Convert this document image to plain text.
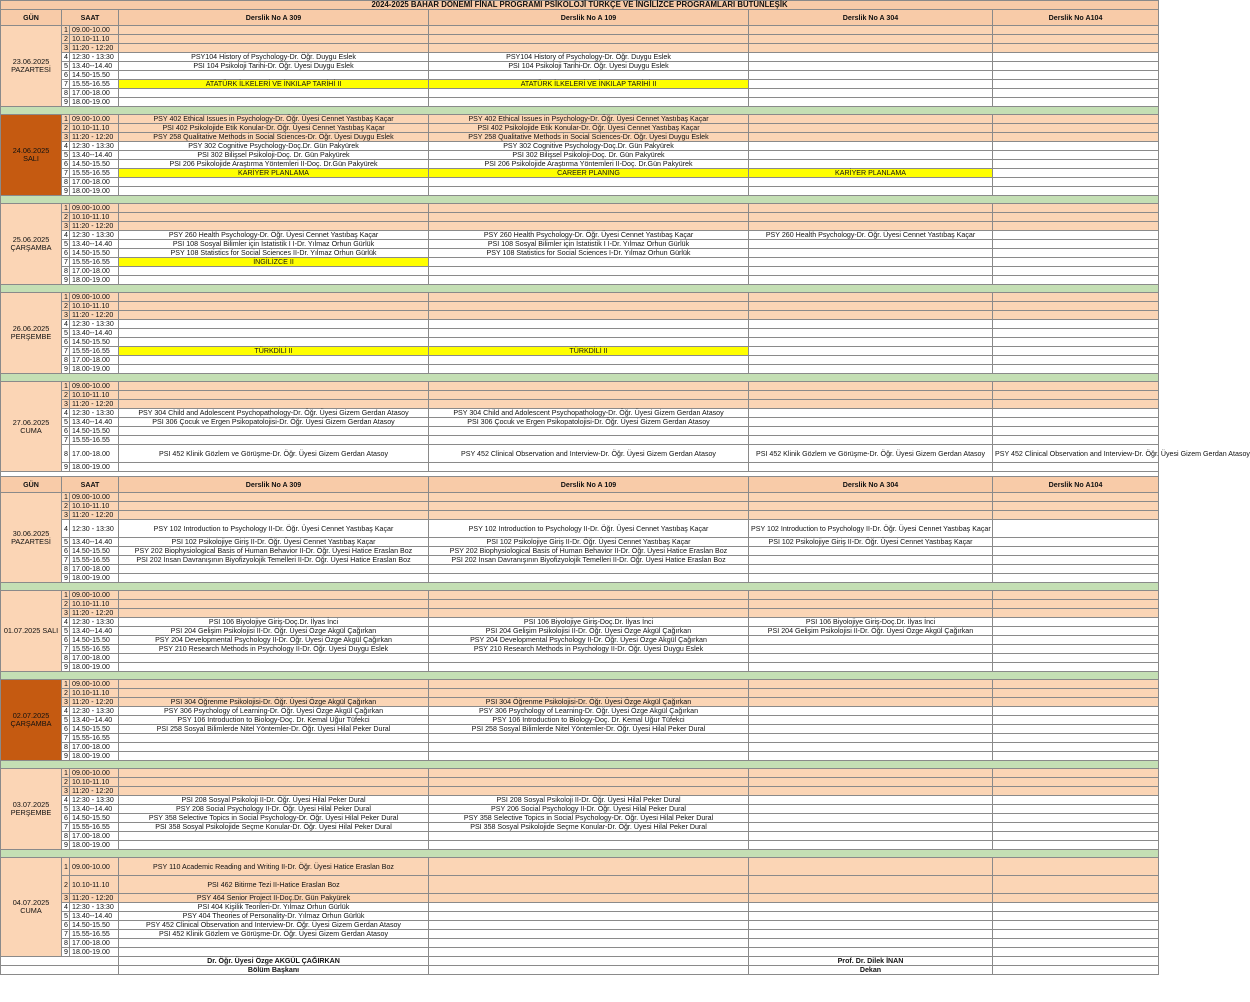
2024-2025 BAHAR DÖNEMİ FİNAL PROGRAMI PSİKOLOJİ TÜRKÇE VE İNGİLİZCE PROGRAMLARI BÜTÜNLEŞİK						
GÜN	SAAT		Derslik No A 309	Derslik No A 109	Derslik No A 304	Derslik No A104
23.06.2025
PAZARTESİ	1	09.00-10.00				
	2	10.10-11.10				
	3	11:20 - 12:20				
	4	12:30 - 13:30	PSY104 History of Psychology-Dr. Öğr. Duygu Eslek	PSY104 History of Psychology-Dr. Öğr. Duygu Eslek		
	5	13.40--14.40	PSI 104 Psikoloji Tarihi-Dr. Öğr. Üyesi Duygu Eslek	PSI 104 Psikoloji Tarihi-Dr. Öğr. Üyesi Duygu Eslek		
	6	14.50-15.50				
	7	15.55-16.55	ATATÜRK İLKELERİ VE İNKILAP TARİHİ II	ATATÜRK İLKELERİ VE İNKILAP TARİHİ II		
	8	17.00-18.00				
	9	18.00-19.00				

24.06.2025
SALI	1	09.00-10.00	PSY 402 Ethical Issues in Psychology-Dr. Öğr. Üyesi Cennet Yastıbaş Kaçar	PSY 402 Ethical Issues in Psychology-Dr. Öğr. Üyesi Cennet Yastıbaş Kaçar		
	2	10.10-11.10	PSI 402 Psikolojide Etik Konular-Dr. Öğr. Üyesi Cennet Yastıbaş Kaçar	PSI 402 Psikolojide Etik Konular-Dr. Öğr. Üyesi Cennet Yastıbaş Kaçar		
	3	11:20 - 12:20	PSY 258 Qualitative Methods in Social Sciences-Dr. Öğr. Üyesi Duygu Eslek	PSY 258 Qualitative Methods in Social Sciences-Dr. Öğr. Üyesi Duygu Eslek		
	4	12:30 - 13:30	PSY 302 Cognitive Psychology-Doç.Dr. Gün Pakyürek	PSY 302 Cognitive Psychology-Doç.Dr. Gün Pakyürek		
	5	13.40--14.40	PSI 302 Bilişsel Psikoloji-Doç. Dr. Gün Pakyürek	PSI 302 Bilişsel Psikoloji-Doç. Dr. Gün Pakyürek		
	6	14.50-15.50	PSI 206 Psikolojide Araştırma Yöntemleri II-Doç. Dr.Gün Pakyürek	PSI 206 Psikolojide Araştırma Yöntemleri II-Doç. Dr.Gün Pakyürek		
	7	15.55-16.55	KARİYER PLANLAMA	CAREER PLANING	KARİYER PLANLAMA	
	8	17.00-18.00				
	9	18.00-19.00				

25.06.2025
ÇARŞAMBA	1	09.00-10.00				
	2	10.10-11.10				
	3	11:20 - 12:20				
	4	12:30 - 13:30	PSY 260 Health Psychology-Dr. Öğr. Üyesi Cennet Yastıbaş Kaçar	PSY 260 Health Psychology-Dr. Öğr. Üyesi Cennet Yastıbaş Kaçar	PSY 260 Health Psychology-Dr. Öğr. Üyesi Cennet Yastıbaş Kaçar	
	5	13.40--14.40	PSI 108 Sosyal Bilimler için İstatistik I I-Dr. Yılmaz Orhun Gürlük	PSI 108 Sosyal Bilimler için İstatistik I I-Dr. Yılmaz Orhun Gürlük		
	6	14.50-15.50	PSY 108 Statistics for Social Sciences II-Dr. Yılmaz Orhun Gürlük	PSY 108 Statistics for Social Sciences I-Dr. Yılmaz Orhun Gürlük		
	7	15.55-16.55	İNGİLİZCE II			
	8	17.00-18.00				
	9	18.00-19.00				

26.06.2025
PERŞEMBE	1	09.00-10.00				
	2	10.10-11.10				
	3	11:20 - 12:20				
	4	12:30 - 13:30				
	5	13.40--14.40				
	6	14.50-15.50				
	7	15.55-16.55	TÜRKDİLİ II	TÜRKDİLİ II		
	8	17.00-18.00				
	9	18.00-19.00				

27.06.2025
CUMA	1	09.00-10.00				
	2	10.10-11.10				
	3	11:20 - 12:20				
	4	12:30 - 13:30	PSY 304 Child and Adolescent Psychopathology-Dr. Öğr. Üyesi Gizem Gerdan Atasoy	PSY 304 Child and Adolescent Psychopathology-Dr. Öğr. Üyesi Gizem Gerdan Atasoy		
	5	13.40--14.40	PSI 306 Çocuk ve Ergen Psikopatolojisi-Dr. Öğr. Üyesi Gizem Gerdan Atasoy	PSI 306 Çocuk ve Ergen Psikopatolojisi-Dr. Öğr. Üyesi Gizem Gerdan Atasoy		
	6	14.50-15.50				
	7	15.55-16.55				
	8	17.00-18.00	PSI 452 Klinik Gözlem ve Görüşme-Dr. Öğr. Üyesi Gizem Gerdan Atasoy	PSY 452 Clinical Observation and Interview-Dr. Öğr. Üyesi Gizem Gerdan Atasoy	PSI 452 Klinik Gözlem ve Görüşme-Dr. Öğr. Üyesi Gizem Gerdan Atasoy	PSY 452 Clinical Observation and Interview-Dr. Öğr. Üyesi Gizem Gerdan Atasoy
	9	18.00-19.00				

GÜN	SAAT		Derslik No A 309	Derslik No A 109	Derslik No A 304	Derslik No A104
30.06.2025
PAZARTESİ	1	09.00-10.00				
	2	10.10-11.10				
	3	11:20 - 12:20				
	4	12:30 - 13:30	PSY 102 Introduction to Psychology II-Dr. Öğr. Üyesi Cennet Yastıbaş Kaçar	PSY 102 Introduction to Psychology II-Dr. Öğr. Üyesi Cennet Yastıbaş Kaçar	PSY 102 Introduction to Psychology II-Dr. Öğr. Üyesi Cennet Yastıbaş Kaçar	
	5	13.40--14.40	PSI 102 Psikolojiye Giriş II-Dr. Öğr. Üyesi Cennet Yastıbaş Kaçar	PSI 102 Psikolojiye Giriş II-Dr. Öğr. Üyesi Cennet Yastıbaş Kaçar	PSI 102 Psikolojiye Giriş II-Dr. Öğr. Üyesi Cennet Yastıbaş Kaçar	
	6	14.50-15.50	PSY 202 Biophysiological Basis of Human Behavior II-Dr. Öğr. Üyesi Hatice Eraslan Boz	PSY 202 Biophysiological Basis of Human Behavior II-Dr. Öğr. Üyesi Hatice Eraslan Boz		
	7	15.55-16.55	PSI 202 İnsan Davranışının Biyofizyolojik Temelleri II-Dr. Öğr. Üyesi Hatice Eraslan Boz	PSI 202 İnsan Davranışının Biyofizyolojik Temelleri II-Dr. Öğr. Üyesi Hatice Eraslan Boz		
	8	17.00-18.00				
	9	18.00-19.00				

01.07.2025 SALI	1	09.00-10.00				
	2	10.10-11.10				
	3	11:20 - 12:20				
	4	12:30 - 13:30	PSI 106 Biyolojiye Giriş-Doç.Dr. İlyas İnci	PSI 106 Biyolojiye Giriş-Doç.Dr. İlyas İnci	PSI 106 Biyolojiye Giriş-Doç.Dr. İlyas İnci	
	5	13.40--14.40	PSI 204 Gelişim Psikolojisi II-Dr. Öğr. Üyesi Özge Akgül Çağırkan	PSI 204 Gelişim Psikolojisi II-Dr. Öğr. Üyesi Özge Akgül Çağırkan	PSI 204 Gelişim Psikolojisi II-Dr. Öğr. Üyesi Özge Akgül Çağırkan	
	6	14.50-15.50	PSY 204 Developmental Psychology II-Dr. Öğr. Üyesi Özge Akgül Çağırkan	PSY 204 Developmental Psychology II-Dr. Öğr. Üyesi Özge Akgül Çağırkan		
	7	15.55-16.55	PSY 210 Research Methods in Psychology II-Dr. Öğr. Üyesi Duygu Eslek	PSY 210 Research Methods in Psychology II-Dr. Öğr. Üyesi Duygu Eslek		
	8	17.00-18.00				
	9	18.00-19.00				

02.07.2025
ÇARŞAMBA	1	09.00-10.00				
	2	10.10-11.10				
	3	11:20 - 12:20	PSI 304 Öğrenme Psikolojisi-Dr. Öğr. Üyesi Özge Akgül Çağırkan	PSI 304 Öğrenme Psikolojisi-Dr. Öğr. Üyesi Özge Akgül Çağırkan		
	4	12:30 - 13:30	PSY 306 Psychology of Learning-Dr. Öğr. Üyesi Özge Akgül Çağırkan	PSY 306 Psychology of Learning-Dr. Öğr. Üyesi Özge Akgül Çağırkan		
	5	13.40--14.40	PSY 106 Introduction to Biology-Doç. Dr. Kemal Uğur Tüfekci	PSY 106 Introduction to Biology-Doç. Dr. Kemal Uğur Tüfekci		
	6	14.50-15.50	PSI 258 Sosyal Bilimlerde Nitel Yöntemler-Dr. Öğr. Üyesi Hilal Peker Dural	PSI 258 Sosyal Bilimlerde Nitel Yöntemler-Dr. Öğr. Üyesi Hilal Peker Dural		
	7	15.55-16.55				
	8	17.00-18.00				
	9	18.00-19.00				

03.07.2025
PERŞEMBE	1	09.00-10.00				
	2	10.10-11.10				
	3	11:20 - 12:20				
	4	12:30 - 13:30	PSI 208 Sosyal Psikoloji II-Dr. Öğr. Üyesi Hilal Peker Dural	PSI 208 Sosyal Psikoloji II-Dr. Öğr. Üyesi Hilal Peker Dural		
	5	13.40--14.40	PSY 208 Social Psychology II-Dr. Öğr. Üyesi Hilal Peker Dural	PSY 206 Social Psychology II-Dr. Öğr. Üyesi Hilal Peker Dural		
	6	14.50-15.50	PSY 358 Selective Topics in Social Psychology-Dr. Öğr. Üyesi Hilal Peker Dural	PSY 358 Selective Topics in Social Psychology-Dr. Öğr. Üyesi Hilal Peker Dural		
	7	15.55-16.55	PSI 358 Sosyal Psikolojide Seçme Konular-Dr. Öğr. Üyesi Hilal Peker Dural	PSI 358 Sosyal Psikolojide Seçme Konular-Dr. Öğr. Üyesi Hilal Peker Dural		
	8	17.00-18.00				
	9	18.00-19.00				

04.07.2025
CUMA	1	09.00-10.00	PSY 110 Academic Reading and Writing II-Dr. Öğr. Üyesi Hatice Eraslan Boz			
	2	10.10-11.10	PSI 462 Bitirme Tezi II-Hatice Eraslan Boz			
	3	11:20 - 12:20	PSY 464 Senior Project II-Doç.Dr. Gün Pakyürek			
	4	12:30 - 13:30	PSI 404 Kişilik Teorileri-Dr. Yılmaz Orhun Gürlük			
	5	13.40--14.40	PSY 404 Theories of Personality-Dr. Yılmaz Orhun Gürlük			
	6	14.50-15.50	PSY 452 Clinical Observation and Interview-Dr. Öğr. Üyesi Gizem Gerdan Atasoy			
	7	15.55-16.55	PSI 452 Klinik Gözlem ve Görüşme-Dr. Öğr. Üyesi Gizem Gerdan Atasoy			
	8	17.00-18.00				
	9	18.00-19.00				
			Dr. Öğr. Üyesi Özge AKGÜL ÇAĞIRKAN		Prof. Dr. Dilek İNAN	
			Bölüm Başkanı		Dekan	
